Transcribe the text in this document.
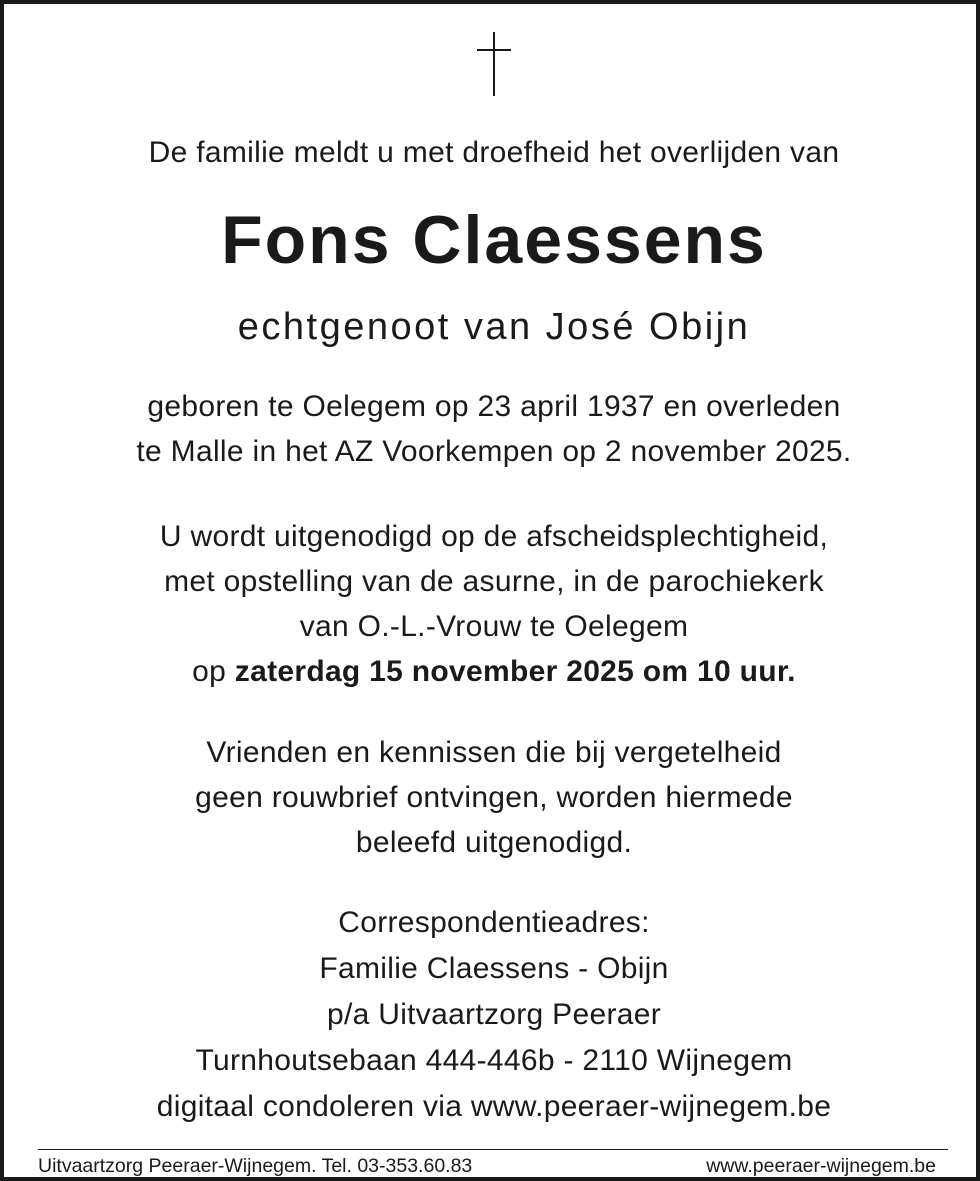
De familie meldt u met droefheid het overlijden van
Fons Claessens
echtgenoot van José Obijn
geboren te Oelegem op 23 april 1937 en overleden
te Malle in het AZ Voorkempen op 2 november 2025.
U wordt uitgenodigd op de afscheidsplechtigheid,
met opstelling van de asurne, in de parochiekerk
van O.-L.-Vrouw te Oelegem
op zaterdag 15 november 2025 om 10 uur.
Vrienden en kennissen die bij vergetelheid
geen rouwbrief ontvingen, worden hiermede
beleefd uitgenodigd.
Correspondentieadres:
Familie Claessens - Obijn
p/a Uitvaartzorg Peeraer
Turnhoutsebaan 444-446b - 2110 Wijnegem
digitaal condoleren via www.peeraer-wijnegem.be
Uitvaartzorg Peeraer-Wijnegem. Tel. 03-353.60.83	www.peeraer-wijnegem.be
